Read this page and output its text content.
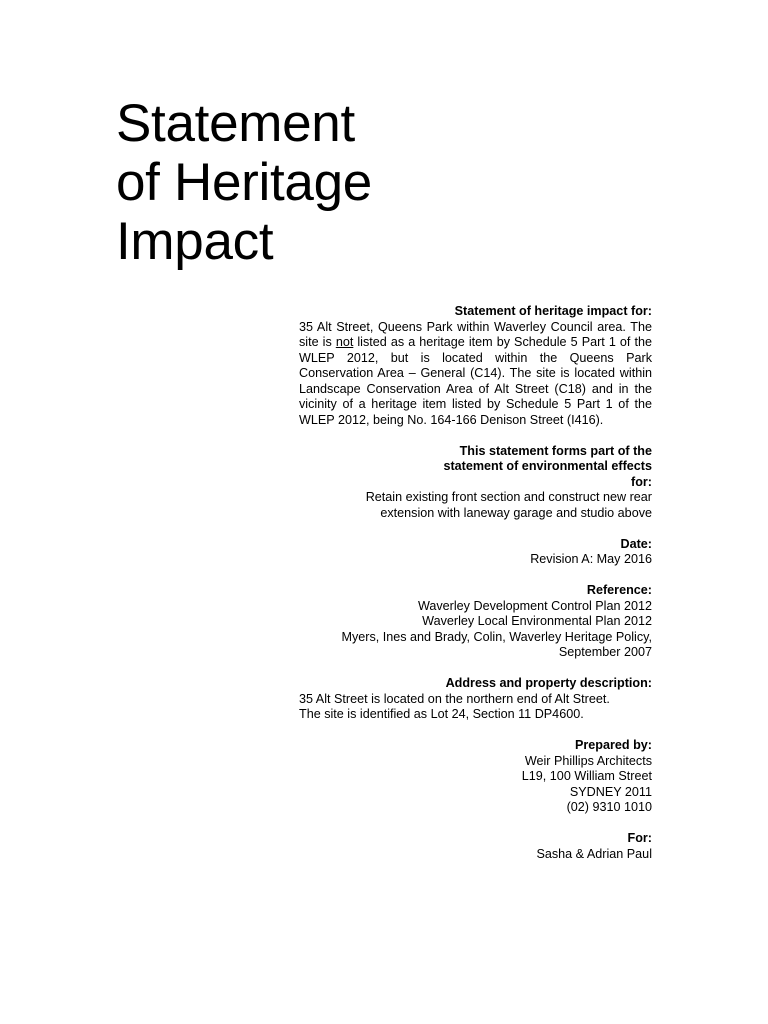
Statement
of Heritage
Impact

Statement of heritage impact for:

35 Alt Street, Queens Park within Waverley Council area. The site is not listed as a heritage item by Schedule 5 Part 1 of the WLEP 2012, but is located within the Queens Park Conservation Area – General (C14). The site is located within Landscape Conservation Area of Alt Street (C18) and in the vicinity of a heritage item listed by Schedule 5 Part 1 of the WLEP 2012, being No. 164-166 Denison Street (I416).

This statement forms part of the
statement of environmental effects
for:

Retain existing front section and construct new rear
extension with laneway garage and studio above

Date:

Revision A: May 2016

Reference:

Waverley Development Control Plan 2012
Waverley Local Environmental Plan 2012
Myers, Ines and Brady, Colin, Waverley Heritage Policy,
September 2007

Address and property description:

35 Alt Street is located on the northern end of Alt Street.
The site is identified as Lot 24, Section 11 DP4600.

Prepared by:

Weir Phillips Architects
L19, 100 William Street
SYDNEY 2011
(02) 9310 1010

For:

Sasha & Adrian Paul
